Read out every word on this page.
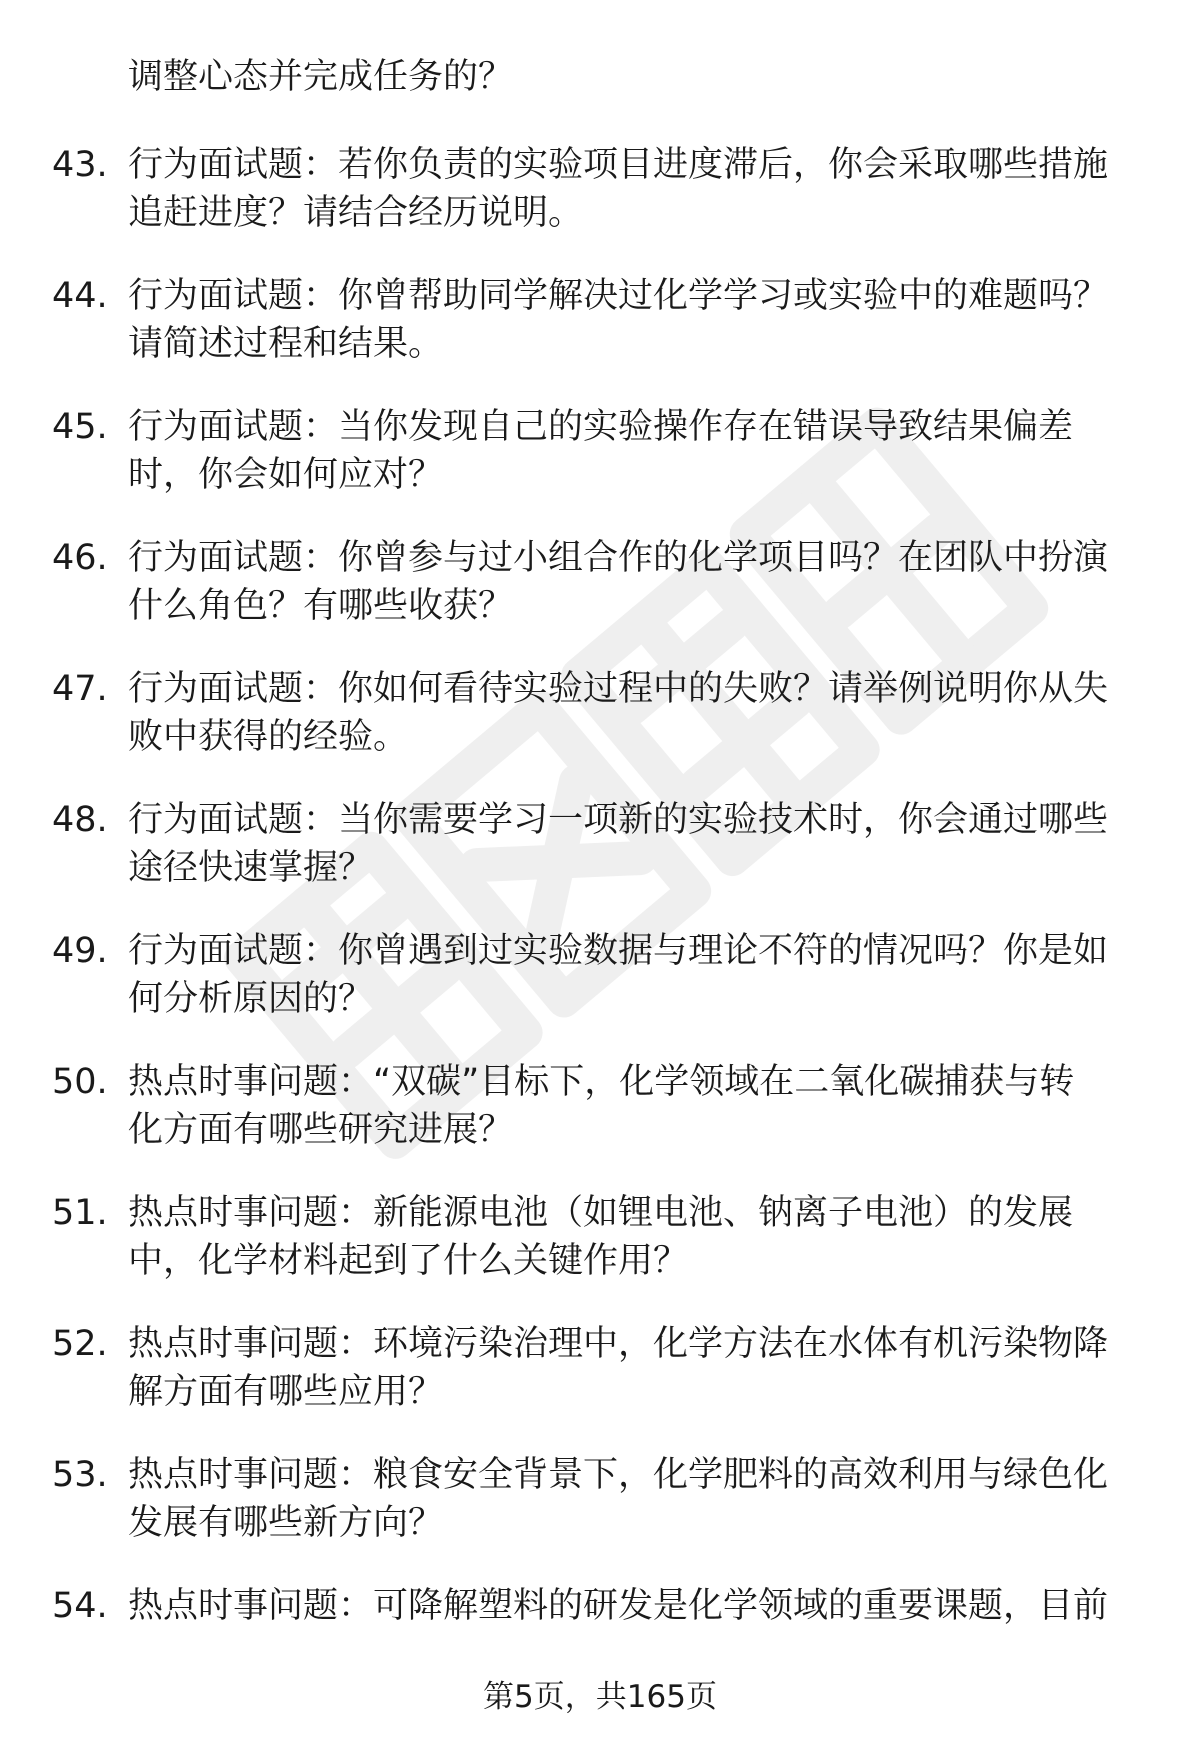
调整心态并完成任务的？
43. 行为面试题：若你负责的实验项目进度滞后，你会采取哪些措施
追赶进度？请结合经历说明。
44. 行为面试题：你曾帮助同学解决过化学学习或实验中的难题吗？
请简述过程和结果。
45. 行为面试题：当你发现自己的实验操作存在错误导致结果偏差
时，你会如何应对？
46. 行为面试题：你曾参与过小组合作的化学项目吗？在团队中扮演
什么角色？有哪些收获？
47. 行为面试题：你如何看待实验过程中的失败？请举例说明你从失
败中获得的经验。
48. 行为面试题：当你需要学习一项新的实验技术时，你会通过哪些
途径快速掌握？
49. 行为面试题：你曾遇到过实验数据与理论不符的情况吗？你是如
何分析原因的？
50. 热点时事问题：“双碳”目标下，化学领域在二氧化碳捕获与转
化方面有哪些研究进展？
51. 热点时事问题：新能源电池（如锂电池、钠离子电池）的发展
中，化学材料起到了什么关键作用？
52. 热点时事问题：环境污染治理中，化学方法在水体有机污染物降
解方面有哪些应用？
53. 热点时事问题：粮食安全背景下，化学肥料的高效利用与绿色化
发展有哪些新方向？
54. 热点时事问题：可降解塑料的研发是化学领域的重要课题，目前
第5页，共165页
